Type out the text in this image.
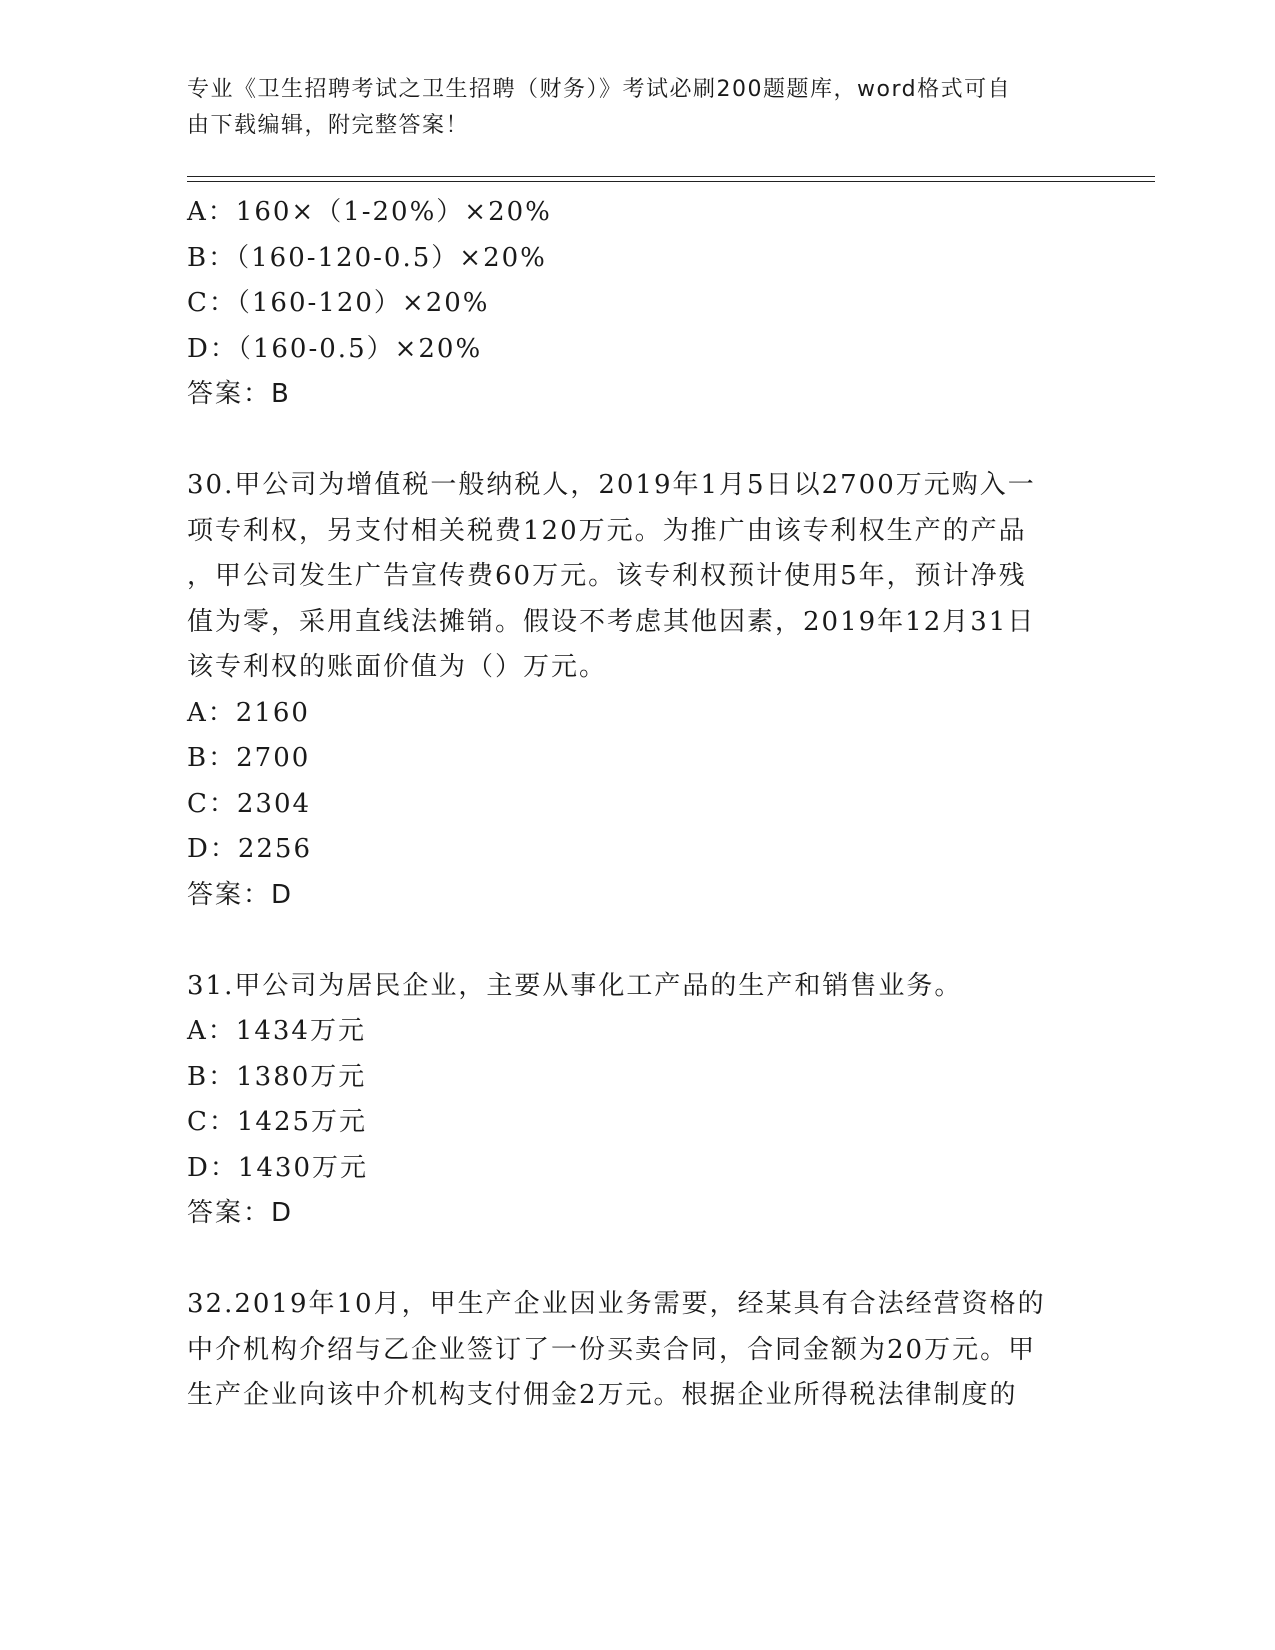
专业《卫生招聘考试之卫生招聘（财务）》考试必刷200题题库，word格式可自
由下载编辑，附完整答案！
A：160×（1-20%）×20%
B：（160-120-0.5）×20%
C：（160-120）×20%
D：（160-0.5）×20%
答案：B
30.甲公司为增值税一般纳税人，2019年1月5日以2700万元购入一
项专利权，另支付相关税费120万元。为推广由该专利权生产的产品
，甲公司发生广告宣传费60万元。该专利权预计使用5年，预计净残
值为零，采用直线法摊销。假设不考虑其他因素，2019年12月31日
该专利权的账面价值为（）万元。
A：2160
B：2700
C：2304
D：2256
答案：D
31.甲公司为居民企业，主要从事化工产品的生产和销售业务。
A：1434万元
B：1380万元
C：1425万元
D：1430万元
答案：D
32.2019年10月，甲生产企业因业务需要，经某具有合法经营资格的
中介机构介绍与乙企业签订了一份买卖合同，合同金额为20万元。甲
生产企业向该中介机构支付佣金2万元。根据企业所得税法律制度的
